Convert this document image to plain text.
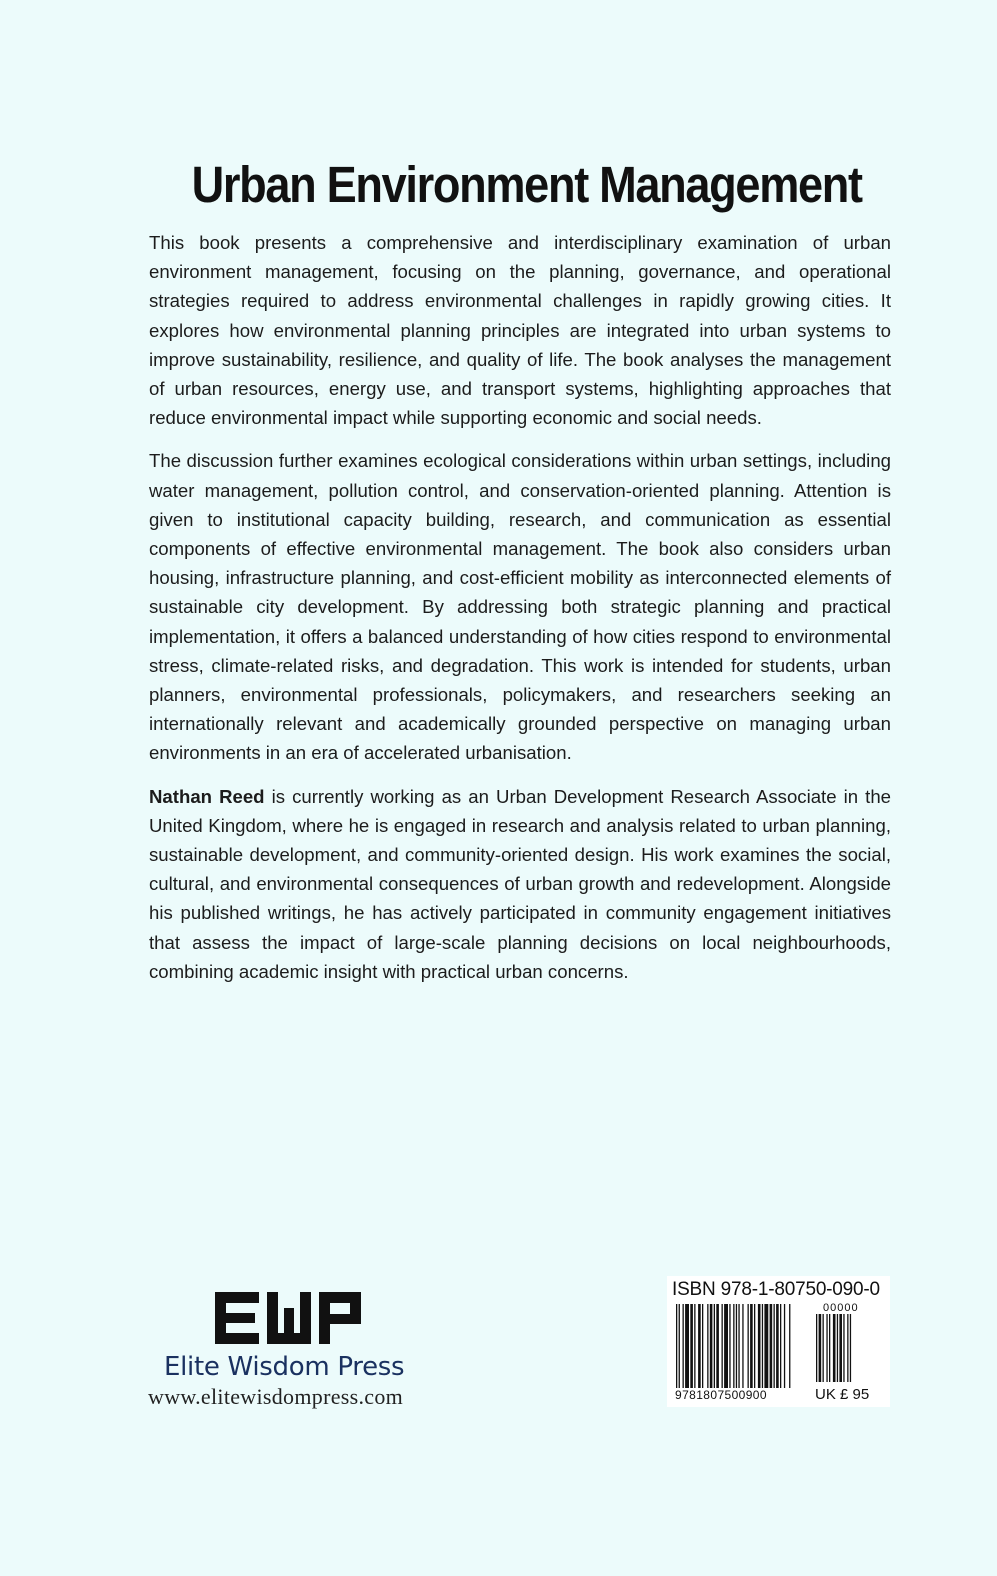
Urban Environment Management

This book presents a comprehensive and interdisciplinary examination of urban environment management, focusing on the planning, governance, and operational strategies required to address environmental challenges in rapidly growing cities. It explores how environmental planning principles are integrated into urban systems to improve sustainability, resilience, and quality of life. The book analyses the management of urban resources, energy use, and transport systems, highlighting approaches that reduce environmental impact while supporting economic and social needs.

The discussion further examines ecological considerations within urban settings, including water management, pollution control, and conservation-oriented planning. Attention is given to institutional capacity building, research, and communication as essential components of effective environmental management. The book also considers urban housing, infrastructure planning, and cost-efficient mobility as interconnected elements of sustainable city development. By addressing both strategic planning and practical implementation, it offers a balanced understanding of how cities respond to environmental stress, climate-related risks, and degradation. This work is intended for students, urban planners, environmental professionals, policymakers, and researchers seeking an internationally relevant and academically grounded perspective on managing urban environments in an era of accelerated urbanisation.

Nathan Reed is currently working as an Urban Development Research Associate in the United Kingdom, where he is engaged in research and analysis related to urban planning, sustainable development, and community-oriented design. His work examines the social, cultural, and environmental consequences of urban growth and redevelopment. Alongside his published writings, he has actively participated in community engagement initiatives that assess the impact of large-scale planning decisions on local neighbourhoods, combining academic insight with practical urban concerns.

Elite Wisdom Press
www.elitewisdompress.com
ISBN 978-1-80750-090-0
00000
9781807500900	UK £ 95
